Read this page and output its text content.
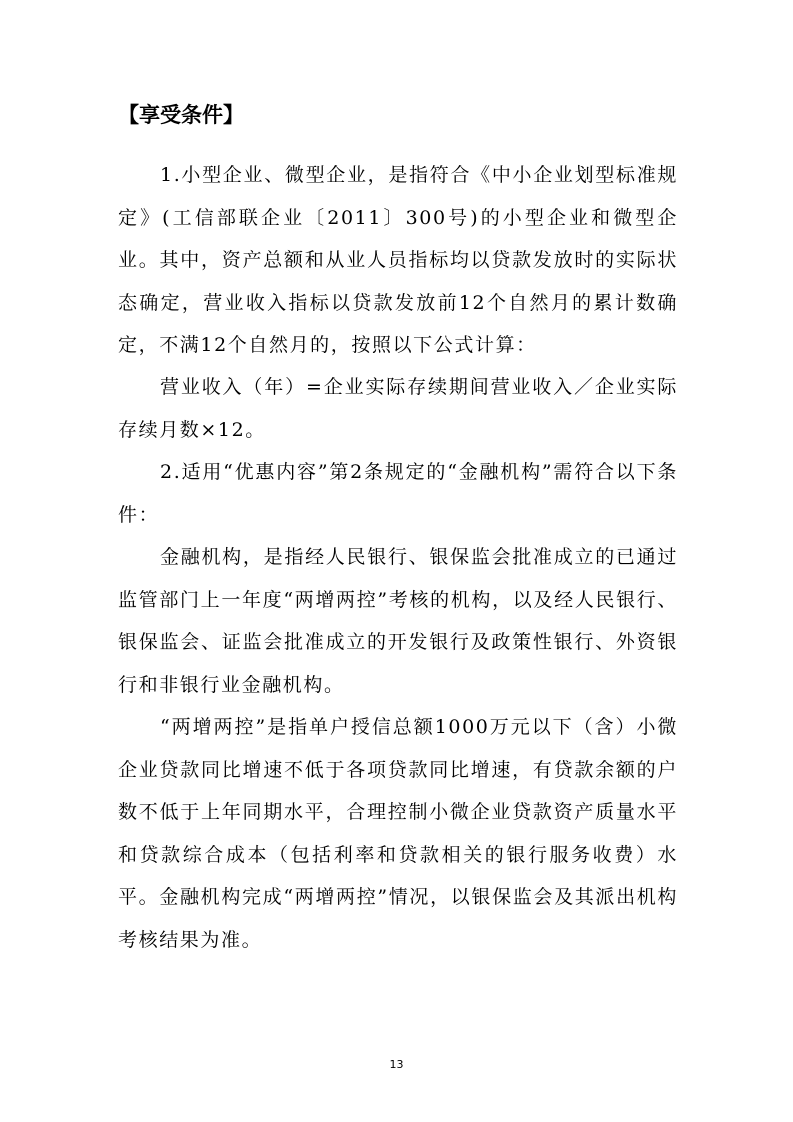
【享受条件】

1.小型企业、微型企业，是指符合《中小企业划型标准规定》(工信部联企业〔2011〕300号)的小型企业和微型企业。其中，资产总额和从业人员指标均以贷款发放时的实际状态确定，营业收入指标以贷款发放前12个自然月的累计数确定，不满12个自然月的，按照以下公式计算：

营业收入（年）=企业实际存续期间营业收入／企业实际存续月数×12。

2.适用“优惠内容”第2条规定的“金融机构”需符合以下条件：

金融机构，是指经人民银行、银保监会批准成立的已通过监管部门上一年度“两增两控”考核的机构，以及经人民银行、银保监会、证监会批准成立的开发银行及政策性银行、外资银行和非银行业金融机构。

“两增两控”是指单户授信总额1000万元以下（含）小微企业贷款同比增速不低于各项贷款同比增速，有贷款余额的户数不低于上年同期水平，合理控制小微企业贷款资产质量水平和贷款综合成本（包括利率和贷款相关的银行服务收费）水平。金融机构完成“两增两控”情况，以银保监会及其派出机构考核结果为准。

13
